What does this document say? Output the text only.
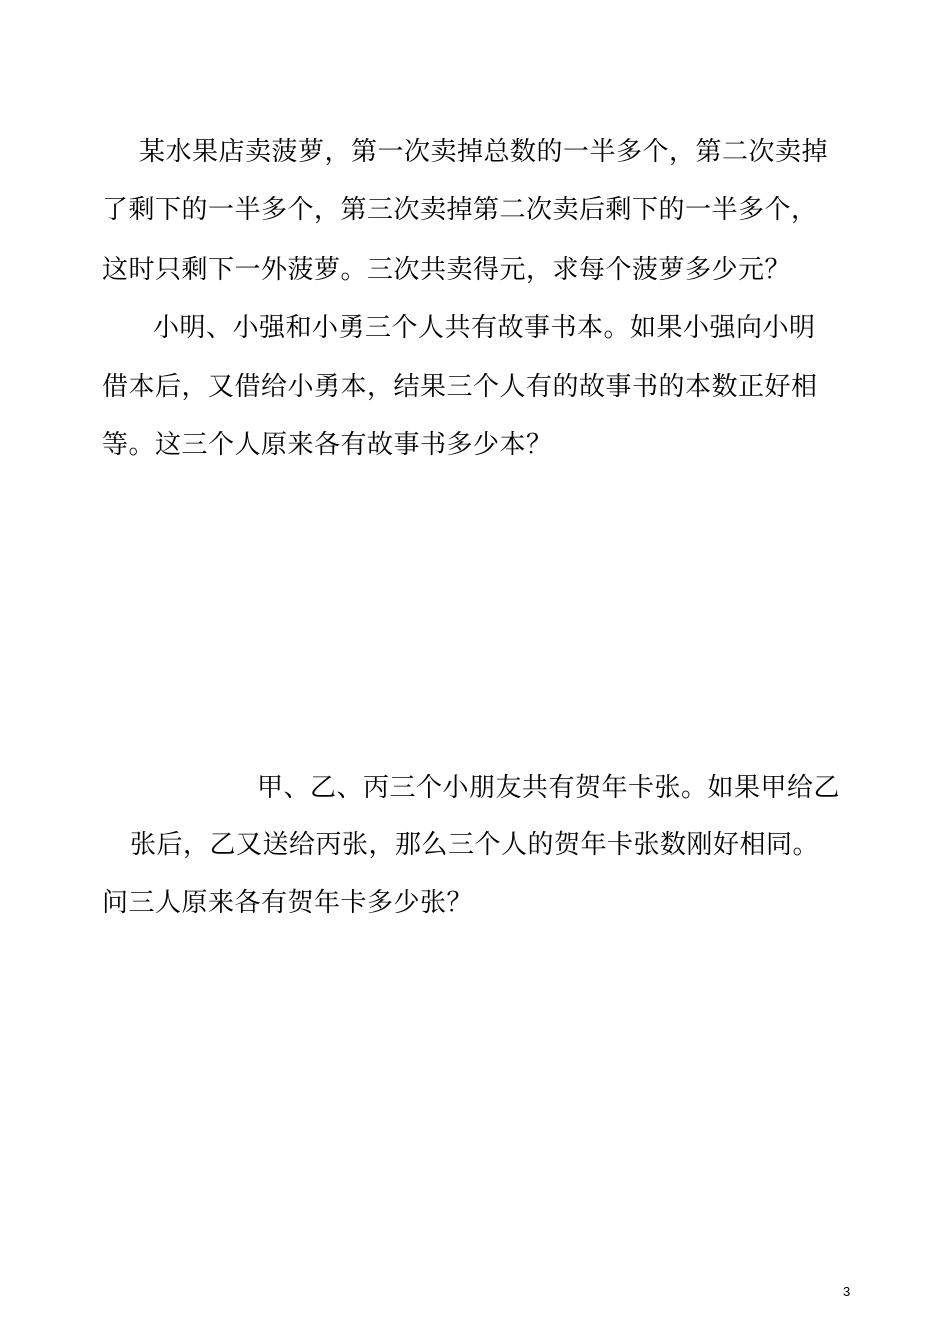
某水果店卖菠萝，第一次卖掉总数的一半多个，第二次卖掉
了剩下的一半多个，第三次卖掉第二次卖后剩下的一半多个，
这时只剩下一外菠萝。三次共卖得元，求每个菠萝多少元？
小明、小强和小勇三个人共有故事书本。如果小强向小明
借本后，又借给小勇本，结果三个人有的故事书的本数正好相
等。这三个人原来各有故事书多少本？
甲、乙、丙三个小朋友共有贺年卡张。如果甲给乙
张后，乙又送给丙张，那么三个人的贺年卡张数刚好相同。
问三人原来各有贺年卡多少张？
3
